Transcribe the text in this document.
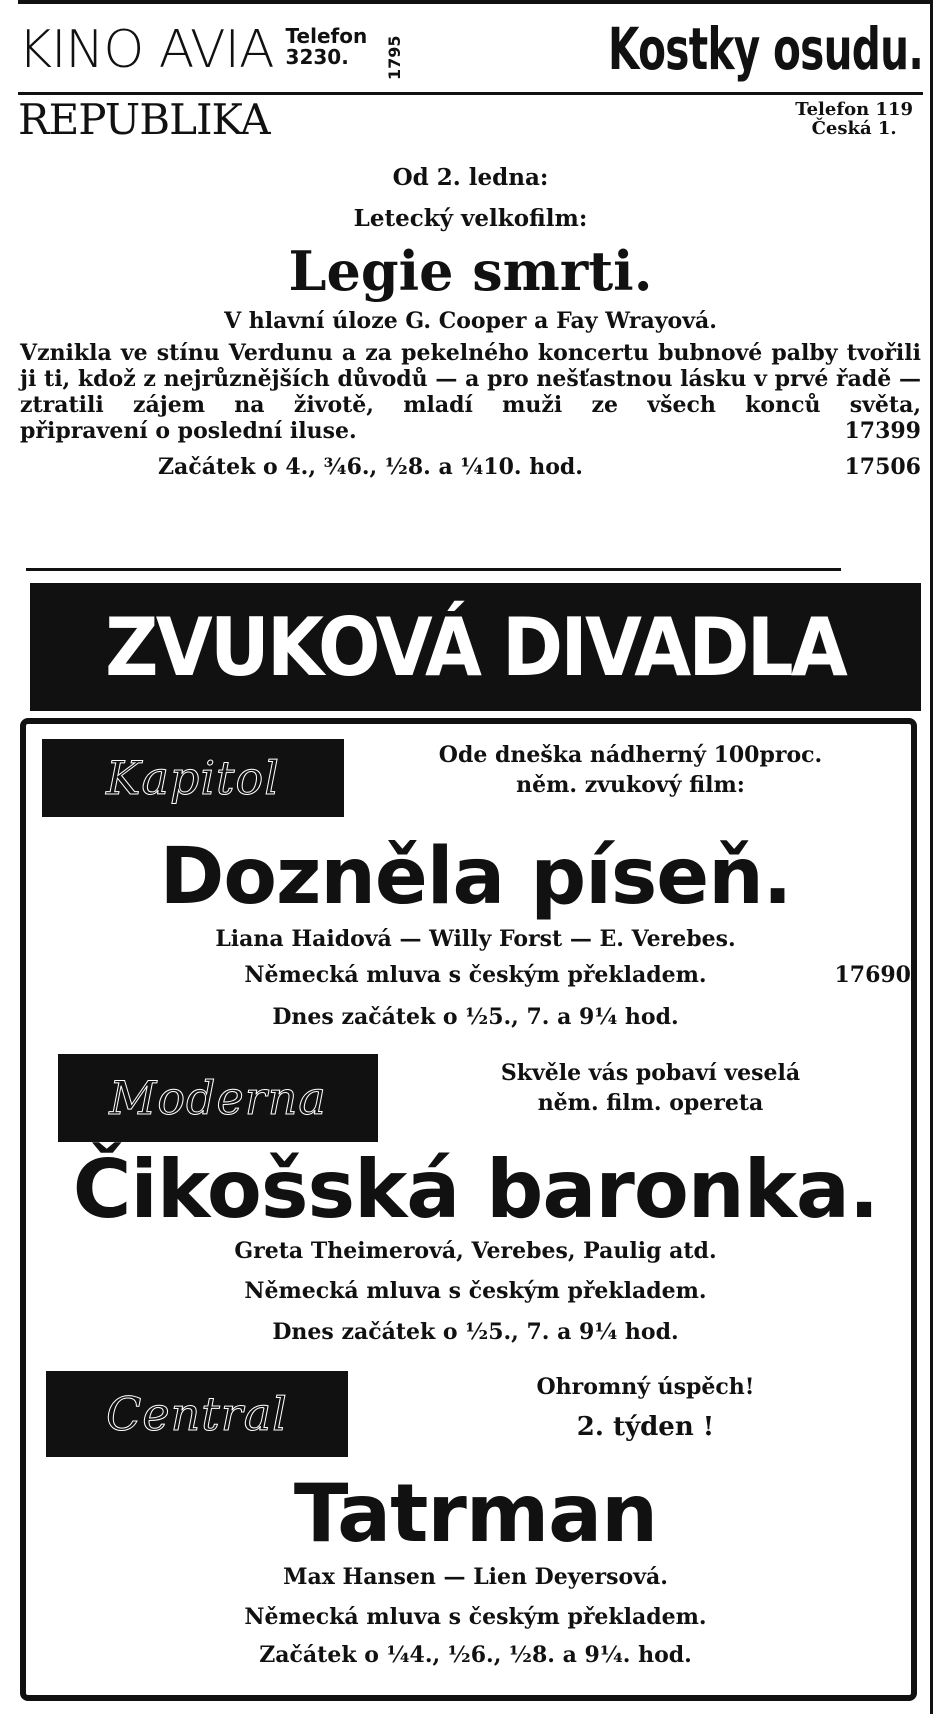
KINO AVIA Telefon
3230.	1795	Kostky osudu.
REPUBLIKA	Telefon 119
Česká 1.
Od 2. ledna:
Letecký velkofilm:
Legie smrti.
V hlavní úloze G. Cooper a Fay Wrayová.
Vznikla ve stínu Verdunu a za pekelného koncertu bubnové palby tvořili ji ti, kdož z nejrůznějších důvodů — a pro nešťastnou lásku v prvé řadě — ztratili zájem na životě, mladí muži ze všech konců světa,
připravení o poslední iluse.	17399
Začátek o 4., ¾6., ½8. a ¼10. hod.	17506
ZVUKOVÁ DIVADLA
Kapitol	Ode dneška nádherný 100proc.
něm. zvukový film:
Dozněla píseň.
Liana Haidová — Willy Forst — E. Verebes.
Německá mluva s českým překladem.	17690
Dnes začátek o ½5., 7. a 9¼ hod.
Moderna	Skvěle vás pobaví veselá
něm. film. opereta
Čikošská baronka.
Greta Theimerová, Verebes, Paulig atd.
Německá mluva s českým překladem.
Dnes začátek o ½5., 7. a 9¼ hod.
Central	Ohromný úspěch!
2. týden !
Tatrman
Max Hansen — Lien Deyersová.
Německá mluva s českým překladem.
Začátek o ¼4., ½6., ½8. a 9¼. hod.
